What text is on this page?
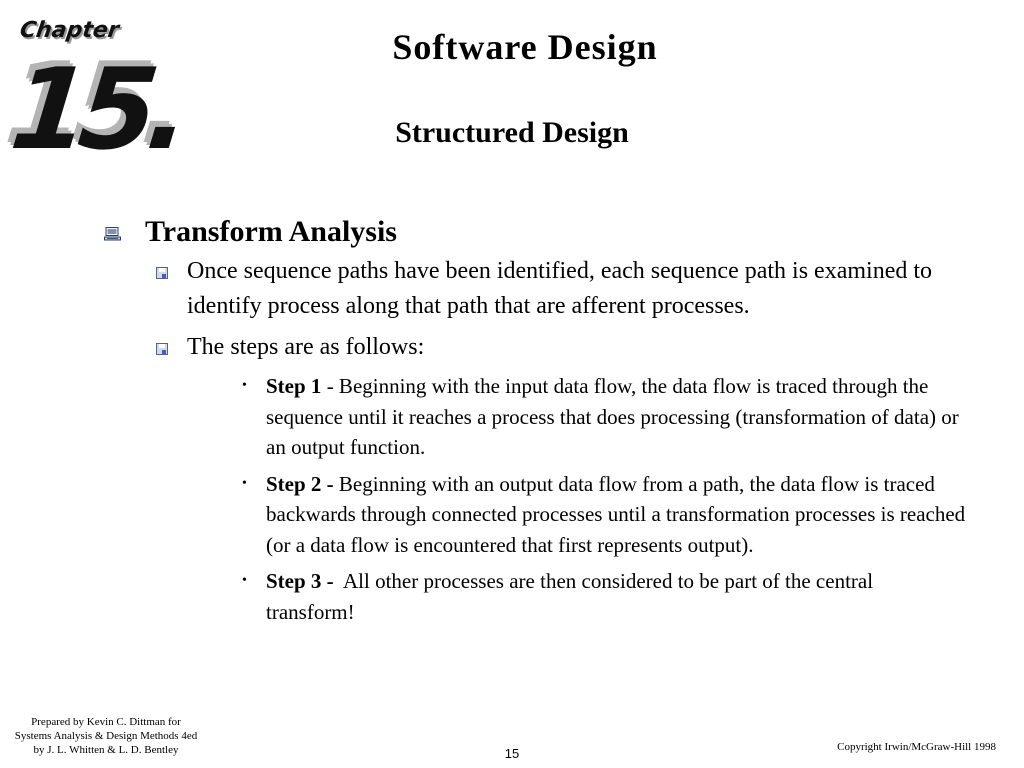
Chapter
15.	Software Design
Structured Design
Transform Analysis
Once sequence paths have been identified, each sequence path is examined to identify process along that path that are afferent processes.
The steps are as follows:
• Step 1 - Beginning with the input data flow, the data flow is traced through the sequence until it reaches a process that does processing (transformation of data) or an output function.
• Step 2 - Beginning with an output data flow from a path, the data flow is traced backwards through connected processes until a transformation processes is reached (or a data flow is encountered that first represents output).
• Step 3 -  All other processes are then considered to be part of the central transform!
Prepared by Kevin C. Dittman for
Systems Analysis & Design Methods 4ed
by J. L. Whitten & L. D. Bentley	15	Copyright Irwin/McGraw-Hill 1998
